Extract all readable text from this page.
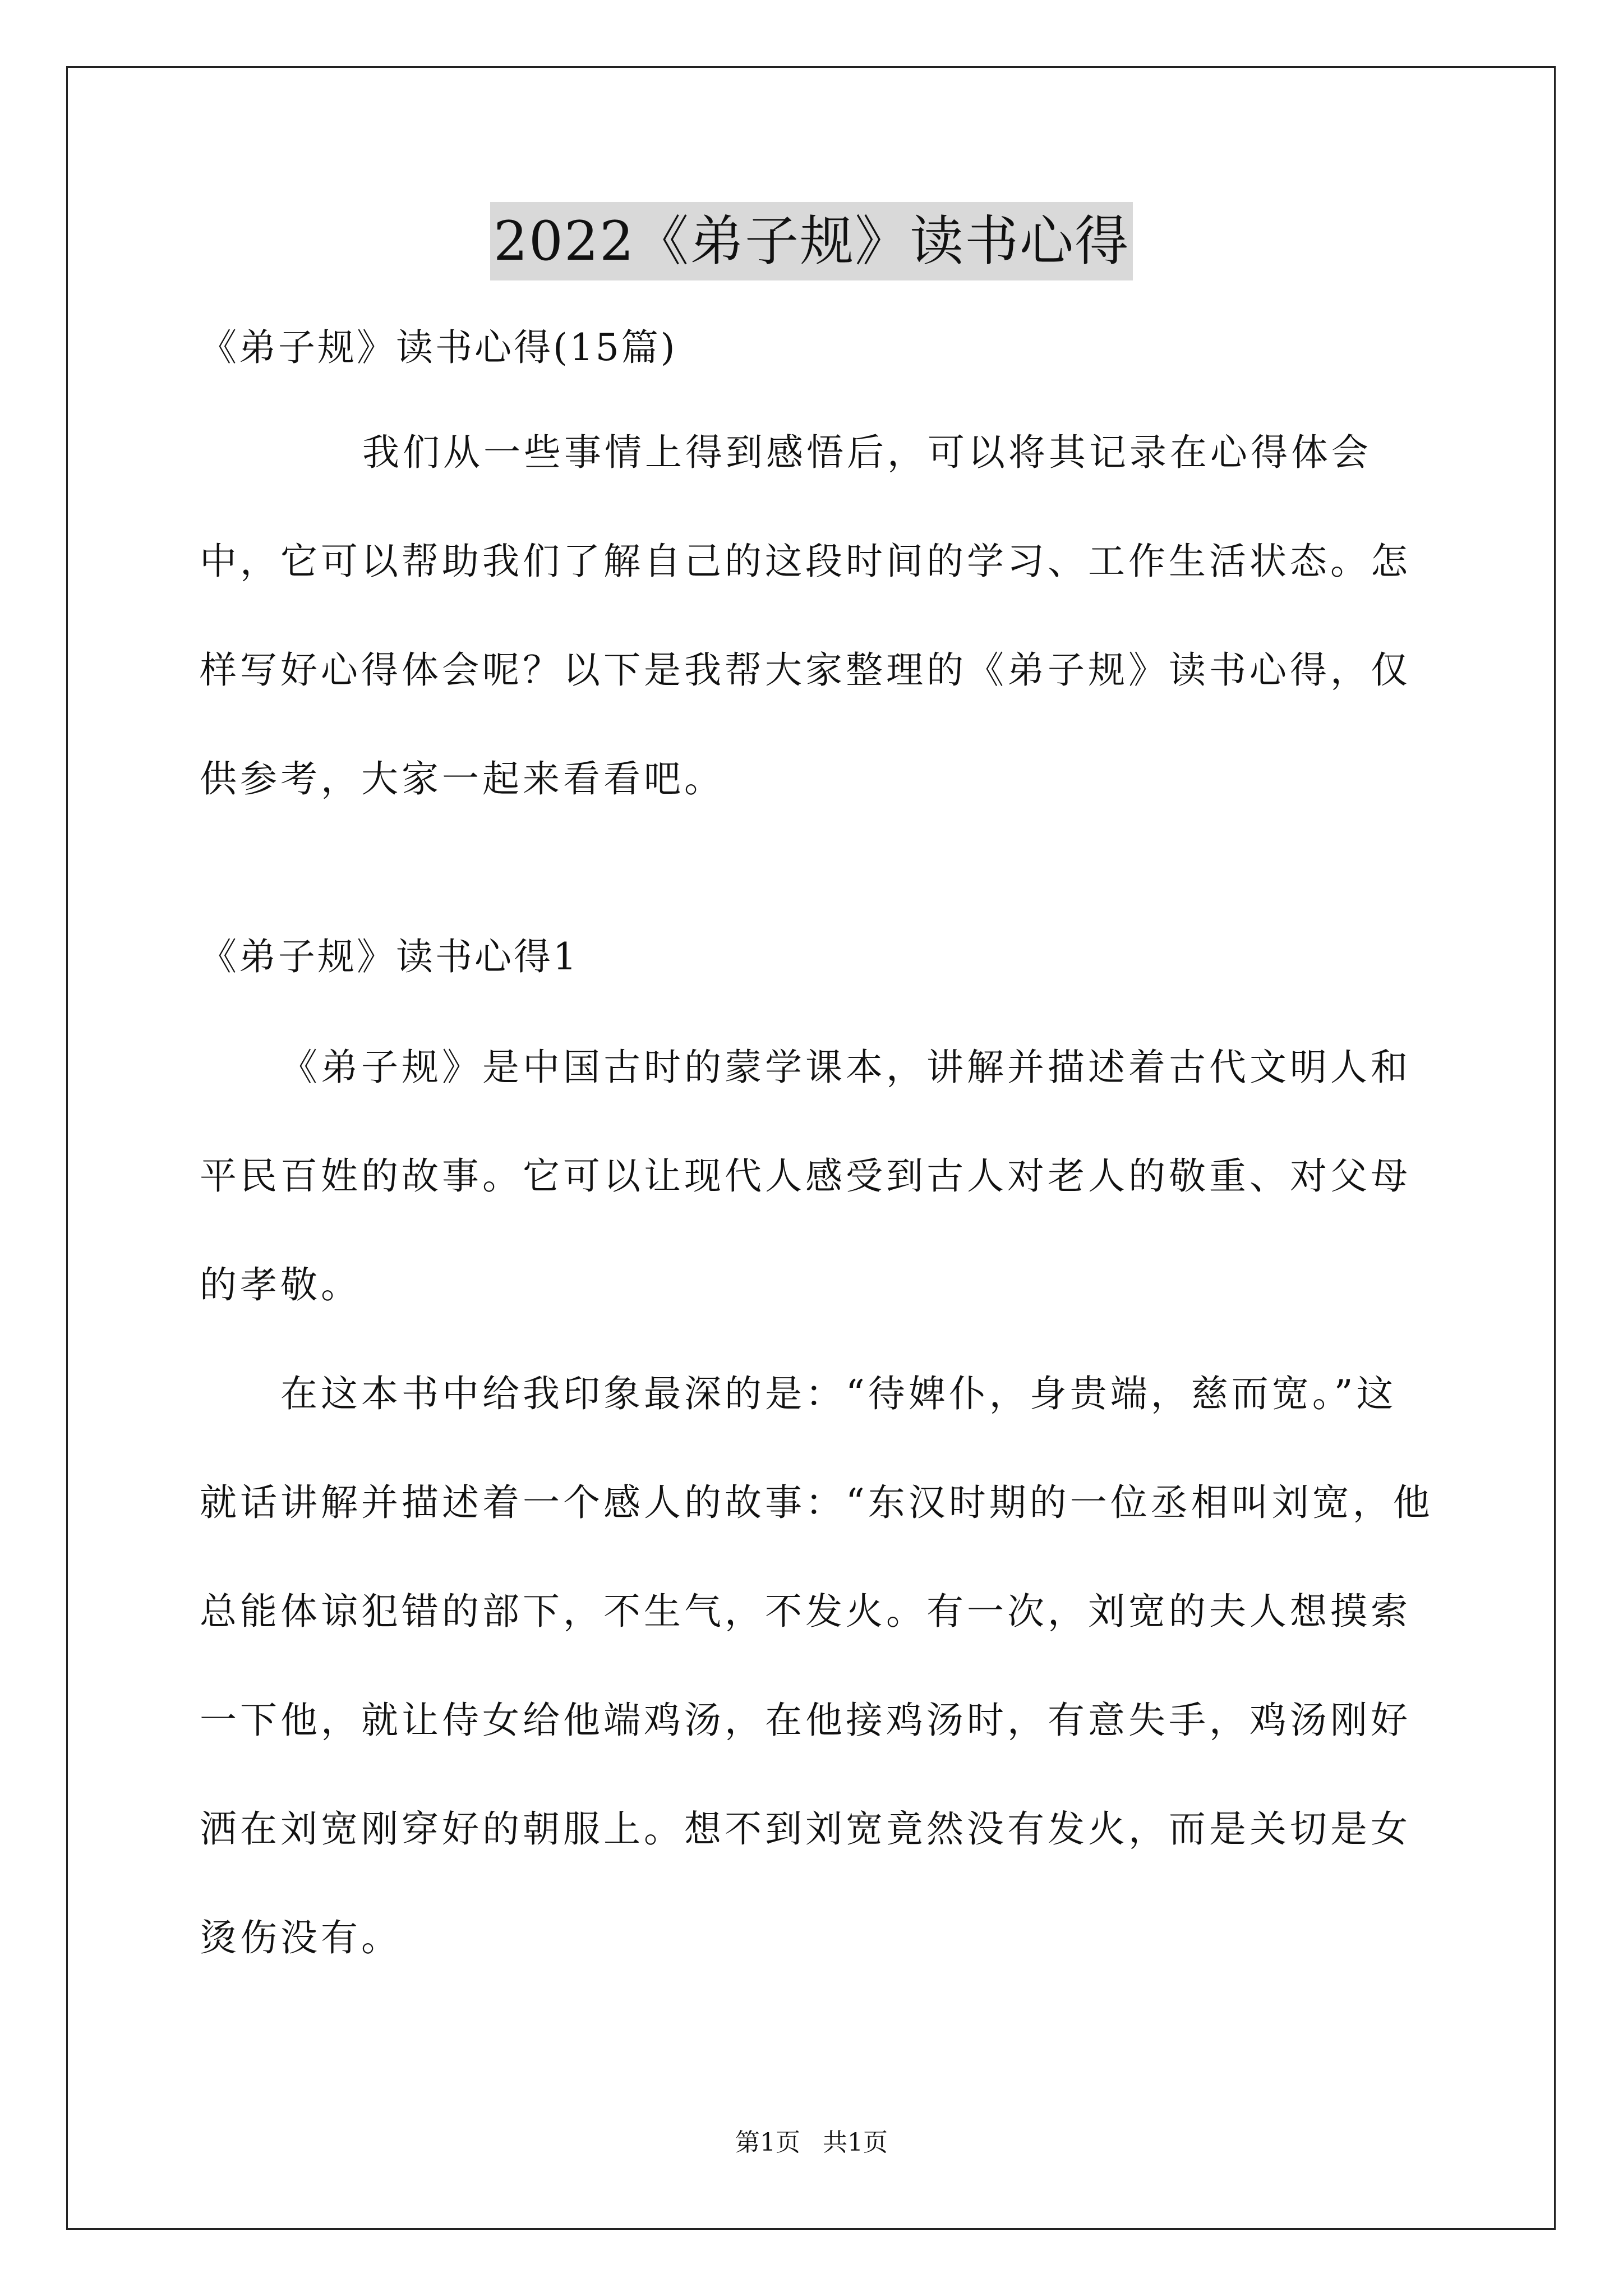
2022《弟子规》读书心得

《弟子规》读书心得(15篇)

我们从一些事情上得到感悟后，可以将其记录在心得体会中，它可以帮助我们了解自己的这段时间的学习、工作生活状态。怎样写好心得体会呢？以下是我帮大家整理的《弟子规》读书心得，仅供参考，大家一起来看看吧。

《弟子规》读书心得1

《弟子规》是中国古时的蒙学课本，讲解并描述着古代文明人和平民百姓的故事。它可以让现代人感受到古人对老人的敬重、对父母的孝敬。

在这本书中给我印象最深的是：“待婢仆，身贵端，慈而宽。”这就话讲解并描述着一个感人的故事：“东汉时期的一位丞相叫刘宽，他总能体谅犯错的部下，不生气，不发火。有一次，刘宽的夫人想摸索一下他，就让侍女给他端鸡汤，在他接鸡汤时，有意失手，鸡汤刚好洒在刘宽刚穿好的朝服上。想不到刘宽竟然没有发火，而是关切是女烫伤没有。

第1页 共1页
